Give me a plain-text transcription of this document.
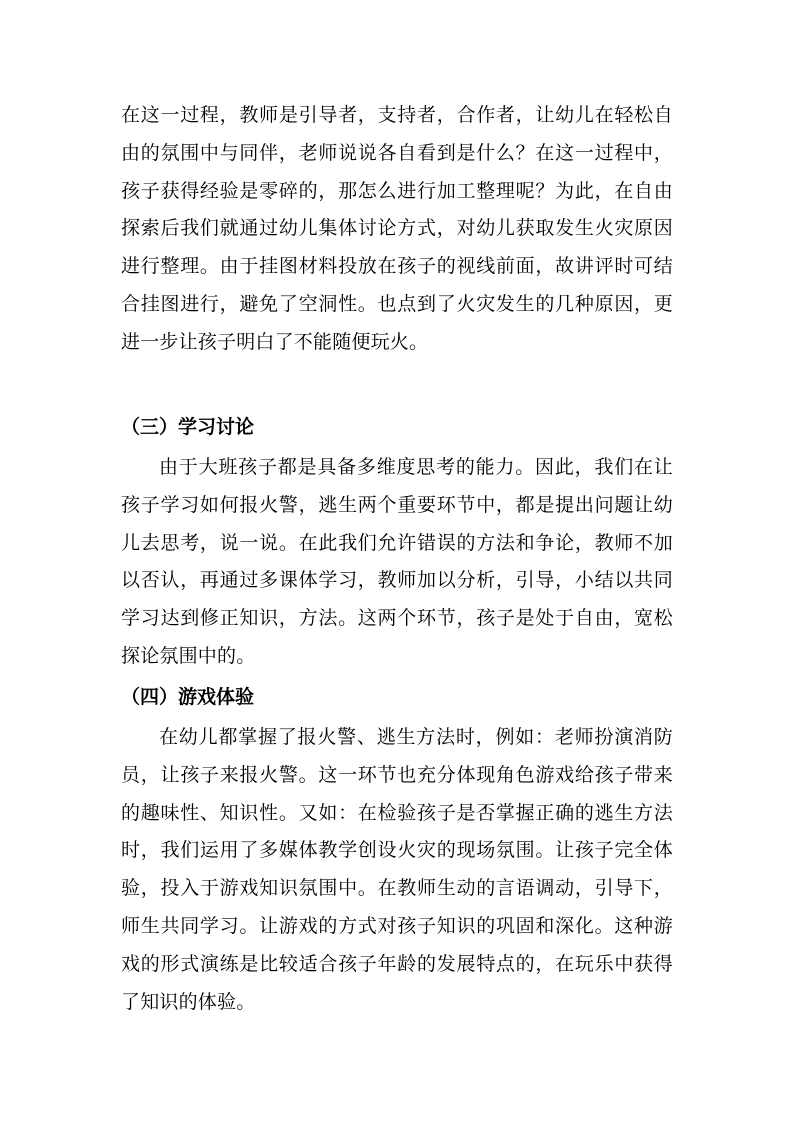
在这一过程，教师是引导者，支持者，合作者，让幼儿在轻松自由的氛围中与同伴，老师说说各自看到是什么？在这一过程中，孩子获得经验是零碎的，那怎么进行加工整理呢？为此，在自由探索后我们就通过幼儿集体讨论方式，对幼儿获取发生火灾原因进行整理。由于挂图材料投放在孩子的视线前面，故讲评时可结合挂图进行，避免了空洞性。也点到了火灾发生的几种原因，更进一步让孩子明白了不能随便玩火。

（三）学习讨论

由于大班孩子都是具备多维度思考的能力。因此，我们在让孩子学习如何报火警，逃生两个重要环节中，都是提出问题让幼儿去思考，说一说。在此我们允许错误的方法和争论，教师不加以否认，再通过多课体学习，教师加以分析，引导，小结以共同学习达到修正知识，方法。这两个环节，孩子是处于自由，宽松探论氛围中的。

（四）游戏体验

在幼儿都掌握了报火警、逃生方法时，例如：老师扮演消防员，让孩子来报火警。这一环节也充分体现角色游戏给孩子带来的趣味性、知识性。又如：在检验孩子是否掌握正确的逃生方法时，我们运用了多媒体教学创设火灾的现场氛围。让孩子完全体验，投入于游戏知识氛围中。在教师生动的言语调动，引导下，师生共同学习。让游戏的方式对孩子知识的巩固和深化。这种游戏的形式演练是比较适合孩子年龄的发展特点的，在玩乐中获得了知识的体验。
